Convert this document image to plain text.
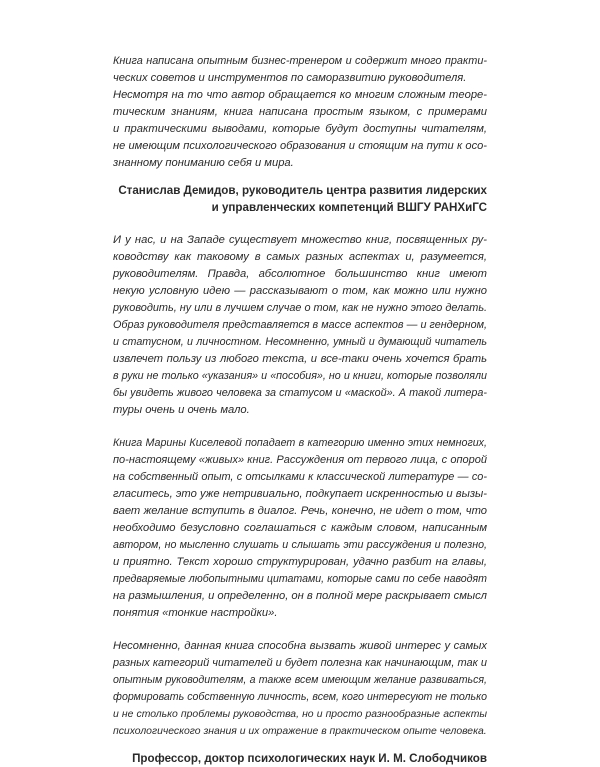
Книга написана опытным бизнес-тренером и содержит много практи-
ческих советов и инструментов по саморазвитию руководителя.
Несмотря на то что автор обращается ко многим сложным теоре-
тическим знаниям, книга написана простым языком, с примерами
и практическими выводами, которые будут доступны читателям,
не имеющим психологического образования и стоящим на пути к осо-
знанному пониманию себя и мира.

Станислав Демидов, руководитель центра развития лидерских
и управленческих компетенций ВШГУ РАНХиГС

И у нас, и на Западе существует множество книг, посвященных ру-
ководству как таковому в самых разных аспектах и, разумеется,
руководителям. Правда, абсолютное большинство книг имеют
некую условную идею — рассказывают о том, как можно или нужно
руководить, ну или в лучшем случае о том, как не нужно этого делать.
Образ руководителя представляется в массе аспектов — и гендерном,
и статусном, и личностном. Несомненно, умный и думающий читатель
извлечет пользу из любого текста, и все-таки очень хочется брать
в руки не только «указания» и «пособия», но и книги, которые позволяли
бы увидеть живого человека за статусом и «маской». А такой литера-
туры очень и очень мало.

Книга Марины Киселевой попадает в категорию именно этих немногих,
по-настоящему «живых» книг. Рассуждения от первого лица, с опорой
на собственный опыт, с отсылками к классической литературе — со-
гласитесь, это уже нетривиально, подкупает искренностью и вызы-
вает желание вступить в диалог. Речь, конечно, не идет о том, что
необходимо безусловно соглашаться с каждым словом, написанным
автором, но мысленно слушать и слышать эти рассуждения и полезно,
и приятно. Текст хорошо структурирован, удачно разбит на главы,
предваряемые любопытными цитатами, которые сами по себе наводят
на размышления, и определенно, он в полной мере раскрывает смысл
понятия «тонкие настройки».

Несомненно, данная книга способна вызвать живой интерес у самых
разных категорий читателей и будет полезна как начинающим, так и
опытным руководителям, а также всем имеющим желание развиваться,
формировать собственную личность, всем, кого интересуют не только
и не столько проблемы руководства, но и просто разнообразные аспекты
психологического знания и их отражение в практическом опыте человека.

Профессор, доктор психологических наук И. М. Слободчиков
